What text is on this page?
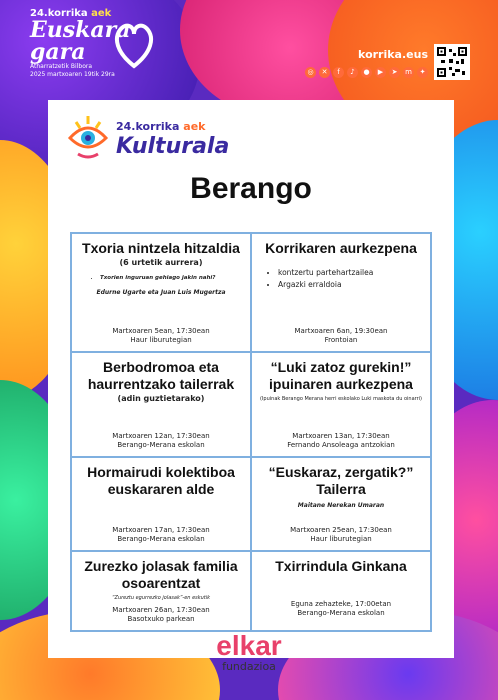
24.korrika aek
Euskara
gara
Atharratzetik Bilbora
2025 martxoaren 19tik 29ra
korrika.eus
◎	✕	f	♪	●	▶	➤	m	✦
24.korrika aek
Kulturala
Berango
Txoria nintzela hitzaldia
(6 urtetik aurrera)
• Txorien inguruan gehiago jakin nahi?
Edurne Ugarte eta Juan Luis Mugertza
Martxoaren 5ean, 17:30ean
Haur liburutegian
Korrikaren aurkezpena
• kontzertu partehartzailea
• Argazki erraldoia
Martxoaren 6an, 19:30ean
Frontoian
Berbodromoa eta haurrentzako tailerrak
(adin guztietarako)
Martxoaren 12an, 17:30ean
Berango-Merana eskolan
“Luki zatoz gurekin!” ipuinaren aurkezpena
(Ipuinak Berango Merana herri eskolako Luki maskota du oinarri)
Martxoaren 13an, 17:30ean
Fernando Ansoleaga antzokian
Hormairudi kolektiboa euskararen alde
Martxoaren 17an, 17:30ean
Berango-Merana eskolan
“Euskaraz, zergatik?” Tailerra
Maitane Nerekan Umaran
Martxoaren 25ean, 17:30ean
Haur liburutegian
Zurezko jolasak familia osoarentzat
“Zureztu egurrezko jolasak”-en eskutik
Martxoaren 26an, 17:30ean
Basotxuko parkean
Txirrindula Ginkana
Eguna zehazteke, 17:00etan
Berango-Merana eskolan
elkar
fundazioa
